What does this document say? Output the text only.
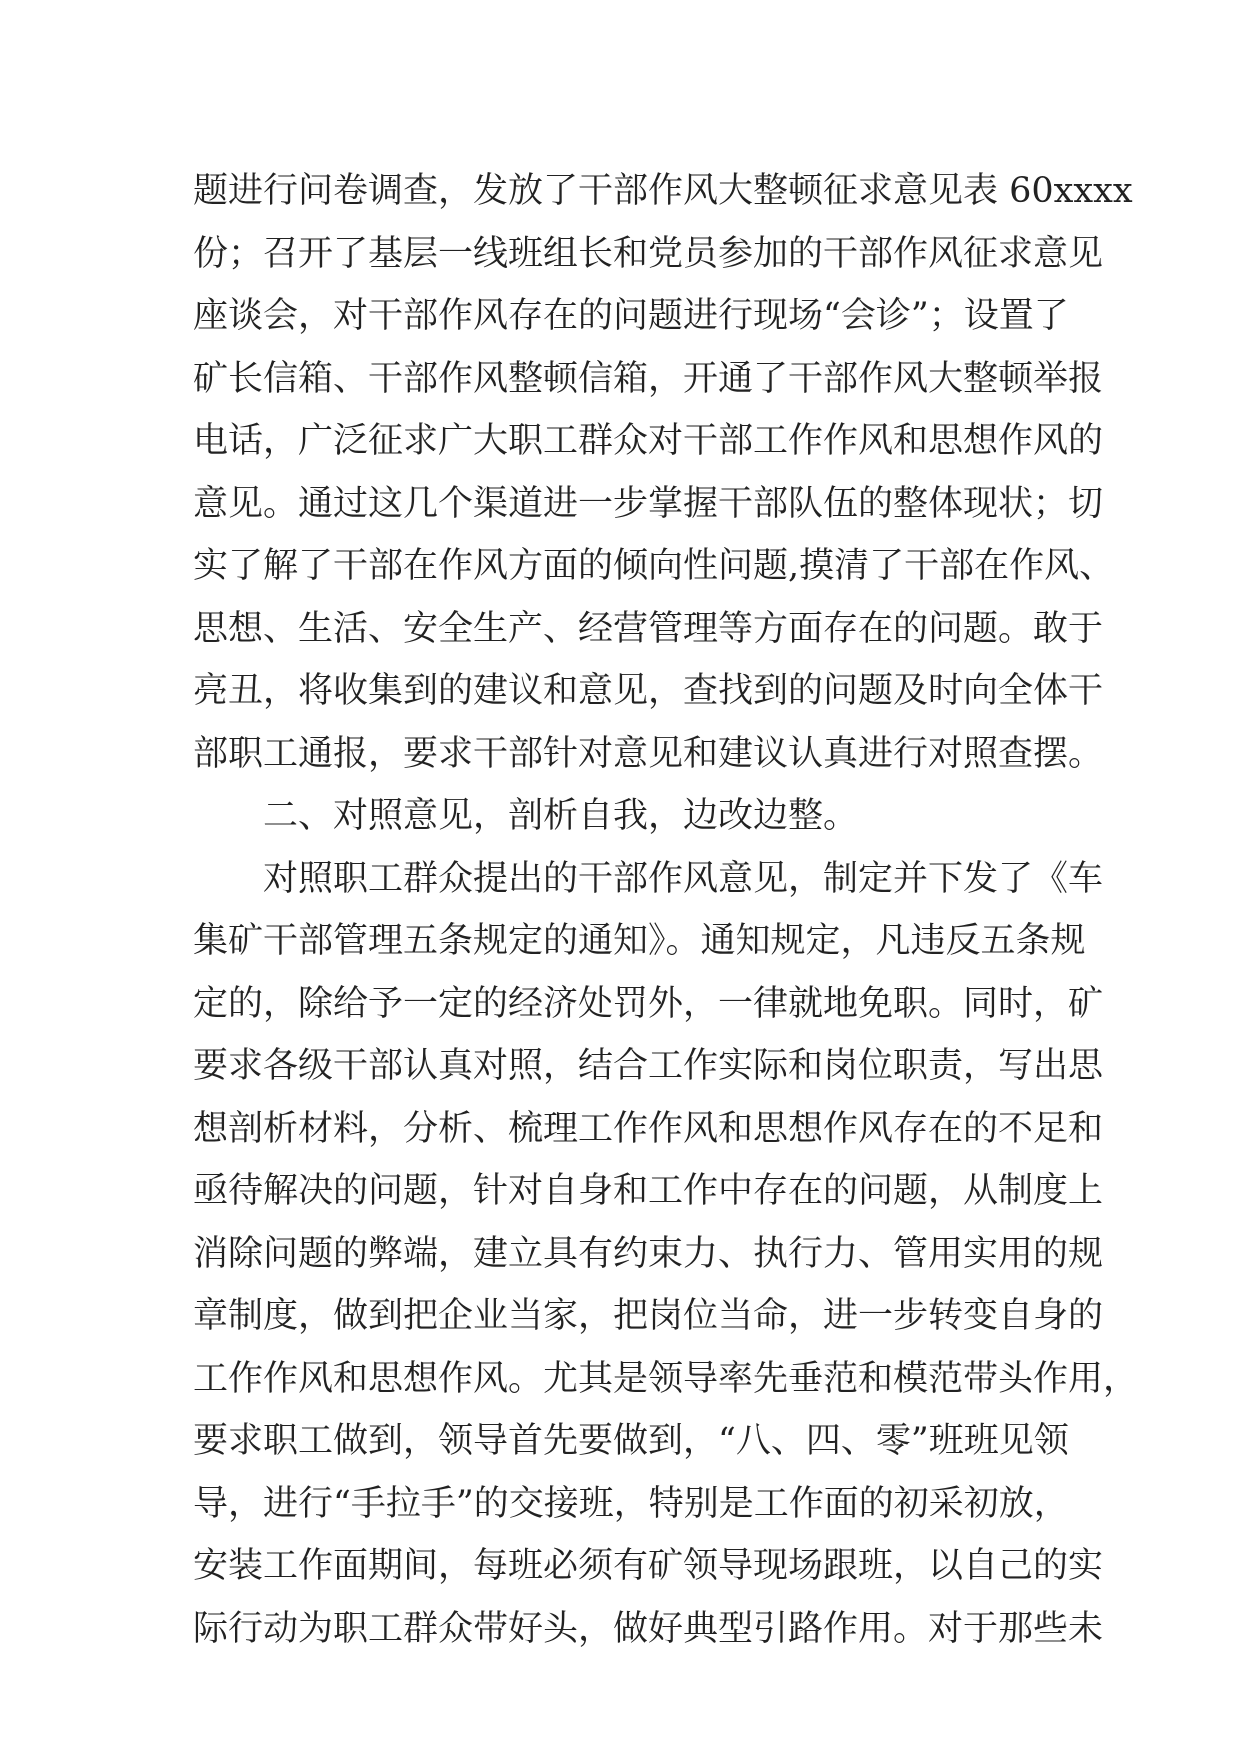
题进行问卷调查，发放了干部作风大整顿征求意见表 60xxxx
份；召开了基层一线班组长和党员参加的干部作风征求意见
座谈会，对干部作风存在的问题进行现场“会诊”；设置了
矿长信箱、干部作风整顿信箱，开通了干部作风大整顿举报
电话，广泛征求广大职工群众对干部工作作风和思想作风的
意见。通过这几个渠道进一步掌握干部队伍的整体现状；切
实了解了干部在作风方面的倾向性问题,摸清了干部在作风、
思想、生活、安全生产、经营管理等方面存在的问题。敢于
亮丑，将收集到的建议和意见，查找到的问题及时向全体干
部职工通报，要求干部针对意见和建议认真进行对照查摆。
二、对照意见，剖析自我，边改边整。
对照职工群众提出的干部作风意见，制定并下发了《车
集矿干部管理五条规定的通知》。通知规定，凡违反五条规
定的，除给予一定的经济处罚外，一律就地免职。同时，矿
要求各级干部认真对照，结合工作实际和岗位职责，写出思
想剖析材料，分析、梳理工作作风和思想作风存在的不足和
亟待解决的问题，针对自身和工作中存在的问题，从制度上
消除问题的弊端，建立具有约束力、执行力、管用实用的规
章制度，做到把企业当家，把岗位当命，进一步转变自身的
工作作风和思想作风。尤其是领导率先垂范和模范带头作用，
要求职工做到，领导首先要做到，“八、四、零”班班见领
导，进行“手拉手”的交接班，特别是工作面的初采初放，
安装工作面期间，每班必须有矿领导现场跟班，以自己的实
际行动为职工群众带好头，做好典型引路作用。对于那些未
